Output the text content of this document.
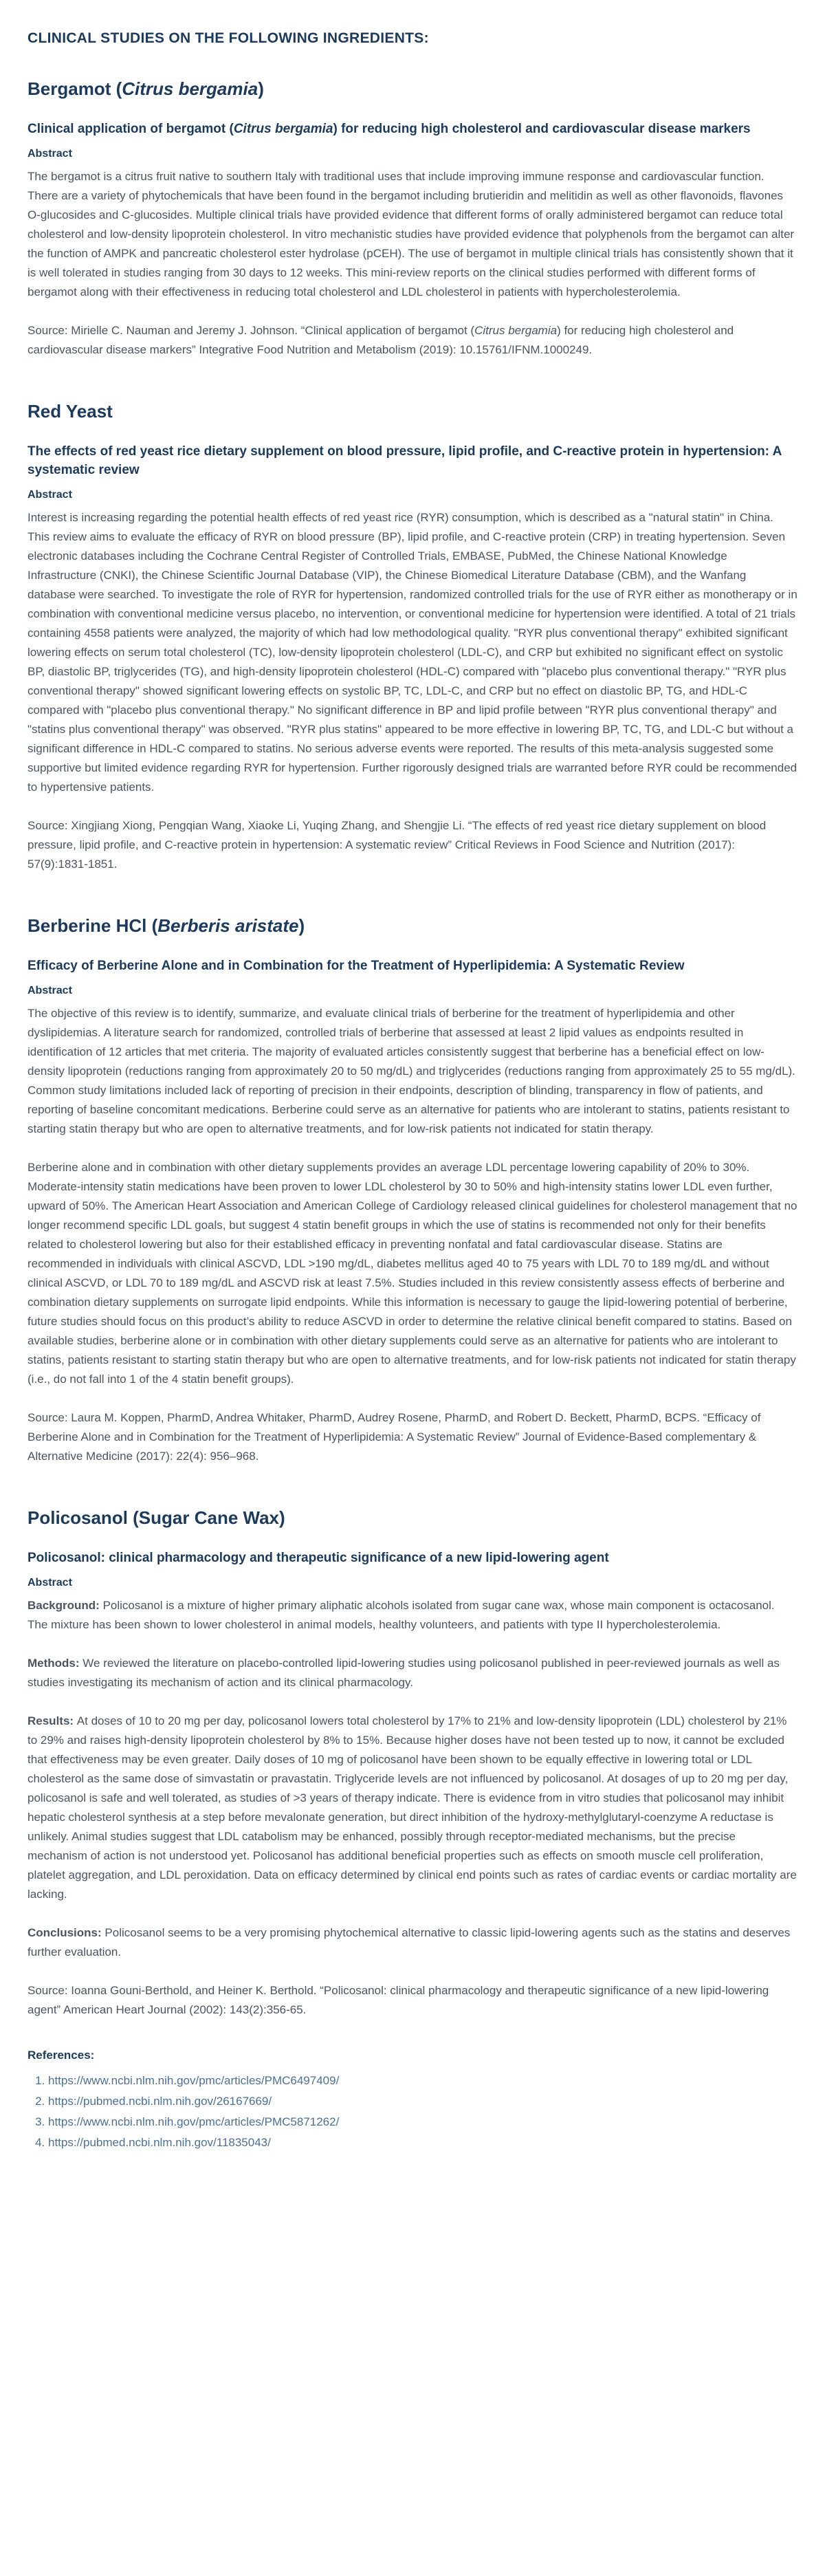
CLINICAL STUDIES ON THE FOLLOWING INGREDIENTS:
Bergamot (Citrus bergamia)
Clinical application of bergamot (Citrus bergamia) for reducing high cholesterol and cardiovascular disease markers

Abstract

The bergamot is a citrus fruit native to southern Italy with traditional uses that include improving immune response and cardiovascular function. There are a variety of phytochemicals that have been found in the bergamot including brutieridin and melitidin as well as other flavonoids, flavones O-glucosides and C-glucosides. Multiple clinical trials have provided evidence that different forms of orally administered bergamot can reduce total cholesterol and low-density lipoprotein cholesterol. In vitro mechanistic studies have provided evidence that polyphenols from the bergamot can alter the function of AMPK and pancreatic cholesterol ester hydrolase (pCEH). The use of bergamot in multiple clinical trials has consistently shown that it is well tolerated in studies ranging from 30 days to 12 weeks. This mini-review reports on the clinical studies performed with different forms of bergamot along with their effectiveness in reducing total cholesterol and LDL cholesterol in patients with hypercholesterolemia.

Source: Mirielle C. Nauman and Jeremy J. Johnson. “Clinical application of bergamot (Citrus bergamia) for reducing high cholesterol and cardiovascular disease markers” Integrative Food Nutrition and Metabolism (2019): 10.15761/IFNM.1000249.

Red Yeast
The effects of red yeast rice dietary supplement on blood pressure, lipid profile, and C-reactive protein in hypertension: A systematic review

Abstract

Interest is increasing regarding the potential health effects of red yeast rice (RYR) consumption, which is described as a "natural statin" in China. This review aims to evaluate the efficacy of RYR on blood pressure (BP), lipid profile, and C-reactive protein (CRP) in treating hypertension. Seven electronic databases including the Cochrane Central Register of Controlled Trials, EMBASE, PubMed, the Chinese National Knowledge Infrastructure (CNKI), the Chinese Scientific Journal Database (VIP), the Chinese Biomedical Literature Database (CBM), and the Wanfang database were searched. To investigate the role of RYR for hypertension, randomized controlled trials for the use of RYR either as monotherapy or in combination with conventional medicine versus placebo, no intervention, or conventional medicine for hypertension were identified. A total of 21 trials containing 4558 patients were analyzed, the majority of which had low methodological quality. "RYR plus conventional therapy" exhibited significant lowering effects on serum total cholesterol (TC), low-density lipoprotein cholesterol (LDL-C), and CRP but exhibited no significant effect on systolic BP, diastolic BP, triglycerides (TG), and high-density lipoprotein cholesterol (HDL-C) compared with "placebo plus conventional therapy." "RYR plus conventional therapy" showed significant lowering effects on systolic BP, TC, LDL-C, and CRP but no effect on diastolic BP, TG, and HDL-C compared with "placebo plus conventional therapy." No significant difference in BP and lipid profile between "RYR plus conventional therapy" and "statins plus conventional therapy" was observed. "RYR plus statins" appeared to be more effective in lowering BP, TC, TG, and LDL-C but without a significant difference in HDL-C compared to statins. No serious adverse events were reported. The results of this meta-analysis suggested some supportive but limited evidence regarding RYR for hypertension. Further rigorously designed trials are warranted before RYR could be recommended to hypertensive patients.

Source: Xingjiang Xiong, Pengqian Wang, Xiaoke Li, Yuqing Zhang, and Shengjie Li. “The effects of red yeast rice dietary supplement on blood pressure, lipid profile, and C-reactive protein in hypertension: A systematic review” Critical Reviews in Food Science and Nutrition (2017): 57(9):1831-1851.

Berberine HCl (Berberis aristate)
Efficacy of Berberine Alone and in Combination for the Treatment of Hyperlipidemia: A Systematic Review

Abstract

The objective of this review is to identify, summarize, and evaluate clinical trials of berberine for the treatment of hyperlipidemia and other dyslipidemias. A literature search for randomized, controlled trials of berberine that assessed at least 2 lipid values as endpoints resulted in identification of 12 articles that met criteria. The majority of evaluated articles consistently suggest that berberine has a beneficial effect on low-density lipoprotein (reductions ranging from approximately 20 to 50 mg/dL) and triglycerides (reductions ranging from approximately 25 to 55 mg/dL). Common study limitations included lack of reporting of precision in their endpoints, description of blinding, transparency in flow of patients, and reporting of baseline concomitant medications. Berberine could serve as an alternative for patients who are intolerant to statins, patients resistant to starting statin therapy but who are open to alternative treatments, and for low-risk patients not indicated for statin therapy.

Berberine alone and in combination with other dietary supplements provides an average LDL percentage lowering capability of 20% to 30%. Moderate-intensity statin medications have been proven to lower LDL cholesterol by 30 to 50% and high-intensity statins lower LDL even further, upward of 50%. The American Heart Association and American College of Cardiology released clinical guidelines for cholesterol management that no longer recommend specific LDL goals, but suggest 4 statin benefit groups in which the use of statins is recommended not only for their benefits related to cholesterol lowering but also for their established efficacy in preventing nonfatal and fatal cardiovascular disease. Statins are recommended in individuals with clinical ASCVD, LDL >190 mg/dL, diabetes mellitus aged 40 to 75 years with LDL 70 to 189 mg/dL and without clinical ASCVD, or LDL 70 to 189 mg/dL and ASCVD risk at least 7.5%. Studies included in this review consistently assess effects of berberine and combination dietary supplements on surrogate lipid endpoints. While this information is necessary to gauge the lipid-lowering potential of berberine, future studies should focus on this product’s ability to reduce ASCVD in order to determine the relative clinical benefit compared to statins. Based on available studies, berberine alone or in combination with other dietary supplements could serve as an alternative for patients who are intolerant to statins, patients resistant to starting statin therapy but who are open to alternative treatments, and for low-risk patients not indicated for statin therapy (i.e., do not fall into 1 of the 4 statin benefit groups).

Source: Laura M. Koppen, PharmD, Andrea Whitaker, PharmD, Audrey Rosene, PharmD, and Robert D. Beckett, PharmD, BCPS. “Efficacy of Berberine Alone and in Combination for the Treatment of Hyperlipidemia: A Systematic Review” Journal of Evidence-Based complementary & Alternative Medicine (2017): 22(4): 956–968.

Policosanol (Sugar Cane Wax)
Policosanol: clinical pharmacology and therapeutic significance of a new lipid-lowering agent

Abstract

Background: Policosanol is a mixture of higher primary aliphatic alcohols isolated from sugar cane wax, whose main component is octacosanol. The mixture has been shown to lower cholesterol in animal models, healthy volunteers, and patients with type II hypercholesterolemia.

Methods: We reviewed the literature on placebo-controlled lipid-lowering studies using policosanol published in peer-reviewed journals as well as studies investigating its mechanism of action and its clinical pharmacology.

Results: At doses of 10 to 20 mg per day, policosanol lowers total cholesterol by 17% to 21% and low-density lipoprotein (LDL) cholesterol by 21% to 29% and raises high-density lipoprotein cholesterol by 8% to 15%. Because higher doses have not been tested up to now, it cannot be excluded that effectiveness may be even greater. Daily doses of 10 mg of policosanol have been shown to be equally effective in lowering total or LDL cholesterol as the same dose of simvastatin or pravastatin. Triglyceride levels are not influenced by policosanol. At dosages of up to 20 mg per day, policosanol is safe and well tolerated, as studies of >3 years of therapy indicate. There is evidence from in vitro studies that policosanol may inhibit hepatic cholesterol synthesis at a step before mevalonate generation, but direct inhibition of the hydroxy-methylglutaryl-coenzyme A reductase is unlikely. Animal studies suggest that LDL catabolism may be enhanced, possibly through receptor-mediated mechanisms, but the precise mechanism of action is not understood yet. Policosanol has additional beneficial properties such as effects on smooth muscle cell proliferation, platelet aggregation, and LDL peroxidation. Data on efficacy determined by clinical end points such as rates of cardiac events or cardiac mortality are lacking.

Conclusions: Policosanol seems to be a very promising phytochemical alternative to classic lipid-lowering agents such as the statins and deserves further evaluation.

Source: Ioanna Gouni-Berthold, and Heiner K. Berthold. “Policosanol: clinical pharmacology and therapeutic significance of a new lipid-lowering agent” American Heart Journal (2002): 143(2):356-65.

References:

1. https://www.ncbi.nlm.nih.gov/pmc/articles/PMC6497409/
2. https://pubmed.ncbi.nlm.nih.gov/26167669/
3. https://www.ncbi.nlm.nih.gov/pmc/articles/PMC5871262/
4. https://pubmed.ncbi.nlm.nih.gov/11835043/
